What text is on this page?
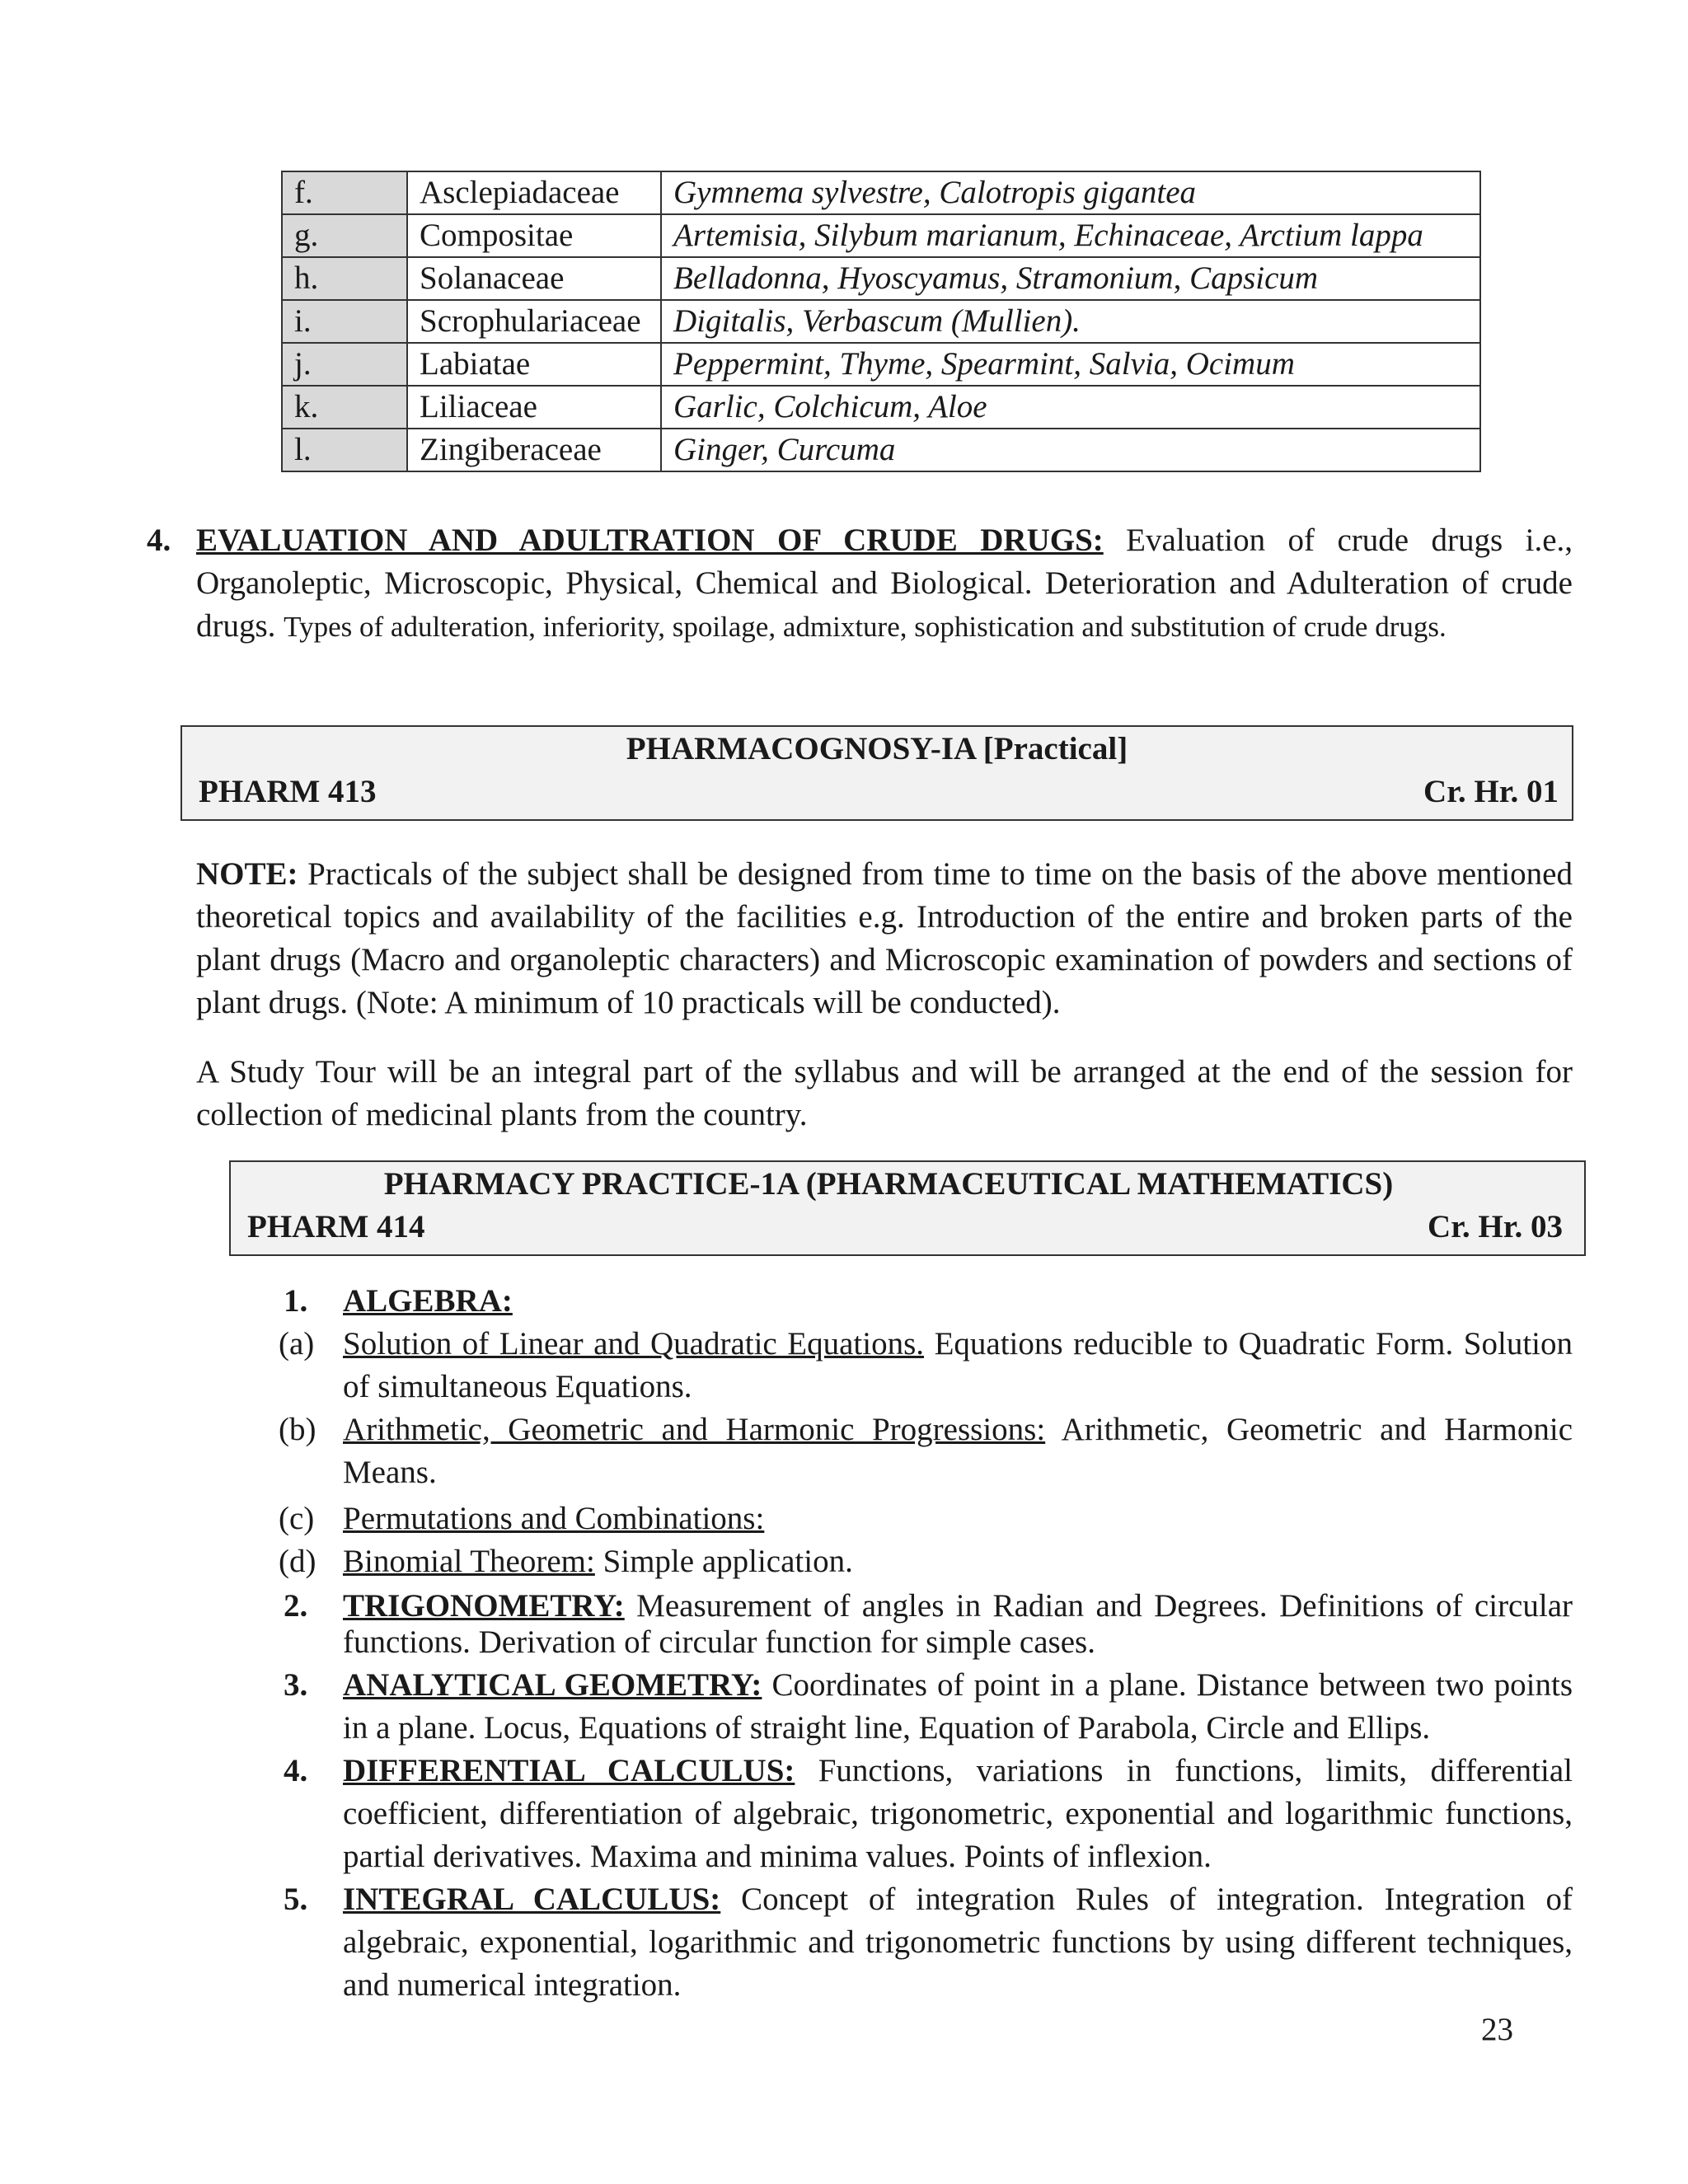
f.	Asclepiadaceae	Gymnema sylvestre, Calotropis gigantea
g.	Compositae	Artemisia, Silybum marianum, Echinaceae, Arctium lappa
h.	Solanaceae	Belladonna, Hyoscyamus, Stramonium, Capsicum
i.	Scrophulariaceae	Digitalis, Verbascum (Mullien).
j.	Labiatae	Peppermint, Thyme, Spearmint, Salvia, Ocimum
k.	Liliaceae	Garlic, Colchicum, Aloe
l.	Zingiberaceae	Ginger, Curcuma
4. EVALUATION AND ADULTRATION OF CRUDE DRUGS: Evaluation of crude drugs i.e., Organoleptic, Microscopic, Physical, Chemical and Biological. Deterioration and Adulteration of crude drugs. Types of adulteration, inferiority, spoilage, admixture, sophistication and substitution of crude drugs.
PHARMACOGNOSY-IA [Practical]
PHARM 413	Cr. Hr. 01
NOTE: Practicals of the subject shall be designed from time to time on the basis of the above mentioned theoretical topics and availability of the facilities e.g. Introduction of the entire and broken parts of the plant drugs (Macro and organoleptic characters) and Microscopic examination of powders and sections of plant drugs. (Note: A minimum of 10 practicals will be conducted).
A Study Tour will be an integral part of the syllabus and will be arranged at the end of the session for collection of medicinal plants from the country.
PHARMACY PRACTICE-1A (PHARMACEUTICAL MATHEMATICS)
PHARM 414	Cr. Hr. 03
1. ALGEBRA:
(a) Solution of Linear and Quadratic Equations. Equations reducible to Quadratic Form. Solution of simultaneous Equations.
(b) Arithmetic, Geometric and Harmonic Progressions: Arithmetic, Geometric and Harmonic Means.
(c) Permutations and Combinations:
(d) Binomial Theorem: Simple application.
2. TRIGONOMETRY: Measurement of angles in Radian and Degrees. Definitions of circular functions. Derivation of circular function for simple cases.
3. ANALYTICAL GEOMETRY: Coordinates of point in a plane. Distance between two points in a plane. Locus, Equations of straight line, Equation of Parabola, Circle and Ellips.
4. DIFFERENTIAL CALCULUS: Functions, variations in functions, limits, differential coefficient, differentiation of algebraic, trigonometric, exponential and logarithmic functions, partial derivatives. Maxima and minima values. Points of inflexion.
5. INTEGRAL CALCULUS: Concept of integration Rules of integration. Integration of algebraic, exponential, logarithmic and trigonometric functions by using different techniques, and numerical integration.
23
